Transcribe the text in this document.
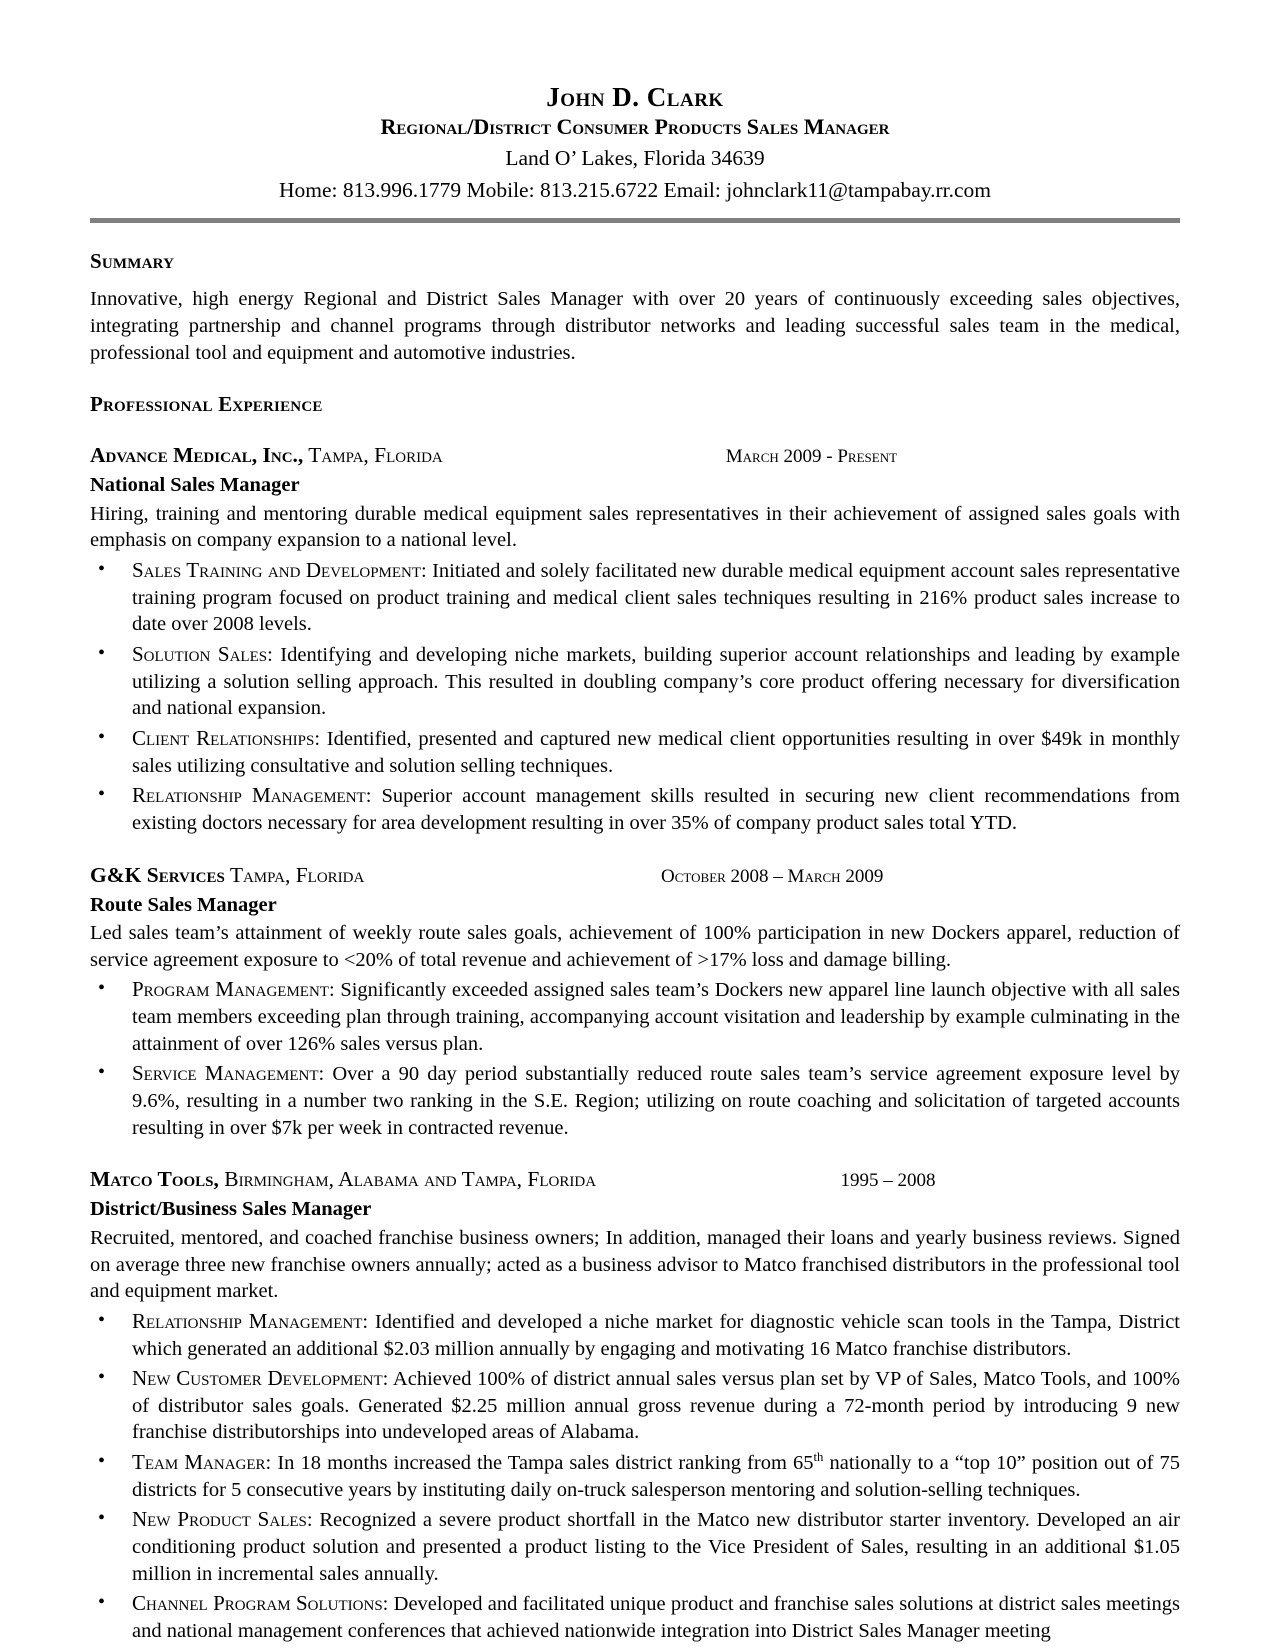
John D. Clark
Regional/District Consumer Products Sales Manager
Land O’ Lakes, Florida 34639
Home: 813.996.1779 Mobile: 813.215.6722 Email: johnclark11@tampabay.rr.com
Summary
Innovative, high energy Regional and District Sales Manager with over 20 years of continuously exceeding sales objectives, integrating partnership and channel programs through distributor networks and leading successful sales team in the medical, professional tool and equipment and automotive industries.
Professional Experience
Advance Medical, Inc., Tampa, Florida	March 2009 - Present
National Sales Manager
Hiring, training and mentoring durable medical equipment sales representatives in their achievement of assigned sales goals with emphasis on company expansion to a national level.
• Sales Training and Development: Initiated and solely facilitated new durable medical equipment account sales representative training program focused on product training and medical client sales techniques resulting in 216% product sales increase to date over 2008 levels.
• Solution Sales: Identifying and developing niche markets, building superior account relationships and leading by example utilizing a solution selling approach. This resulted in doubling company’s core product offering necessary for diversification and national expansion.
• Client Relationships: Identified, presented and captured new medical client opportunities resulting in over $49k in monthly sales utilizing consultative and solution selling techniques.
• Relationship Management: Superior account management skills resulted in securing new client recommendations from existing doctors necessary for area development resulting in over 35% of company product sales total YTD.
G&K Services Tampa, Florida	October 2008 – March 2009
Route Sales Manager
Led sales team’s attainment of weekly route sales goals, achievement of 100% participation in new Dockers apparel, reduction of service agreement exposure to <20% of total revenue and achievement of >17% loss and damage billing.
• Program Management: Significantly exceeded assigned sales team’s Dockers new apparel line launch objective with all sales team members exceeding plan through training, accompanying account visitation and leadership by example culminating in the attainment of over 126% sales versus plan.
• Service Management: Over a 90 day period substantially reduced route sales team’s service agreement exposure level by 9.6%, resulting in a number two ranking in the S.E. Region; utilizing on route coaching and solicitation of targeted accounts resulting in over $7k per week in contracted revenue.
Matco Tools, Birmingham, Alabama and Tampa, Florida	1995 – 2008
District/Business Sales Manager
Recruited, mentored, and coached franchise business owners; In addition, managed their loans and yearly business reviews. Signed on average three new franchise owners annually; acted as a business advisor to Matco franchised distributors in the professional tool and equipment market.
• Relationship Management: Identified and developed a niche market for diagnostic vehicle scan tools in the Tampa, District which generated an additional $2.03 million annually by engaging and motivating 16 Matco franchise distributors.
• New Customer Development: Achieved 100% of district annual sales versus plan set by VP of Sales, Matco Tools, and 100% of distributor sales goals. Generated $2.25 million annual gross revenue during a 72-month period by introducing 9 new franchise distributorships into undeveloped areas of Alabama.
• Team Manager: In 18 months increased the Tampa sales district ranking from 65th nationally to a “top 10” position out of 75 districts for 5 consecutive years by instituting daily on-truck salesperson mentoring and solution-selling techniques.
• New Product Sales: Recognized a severe product shortfall in the Matco new distributor starter inventory. Developed an air conditioning product solution and presented a product listing to the Vice President of Sales, resulting in an additional $1.05 million in incremental sales annually.
• Channel Program Solutions: Developed and facilitated unique product and franchise sales solutions at district sales meetings and national management conferences that achieved nationwide integration into District Sales Manager meeting
